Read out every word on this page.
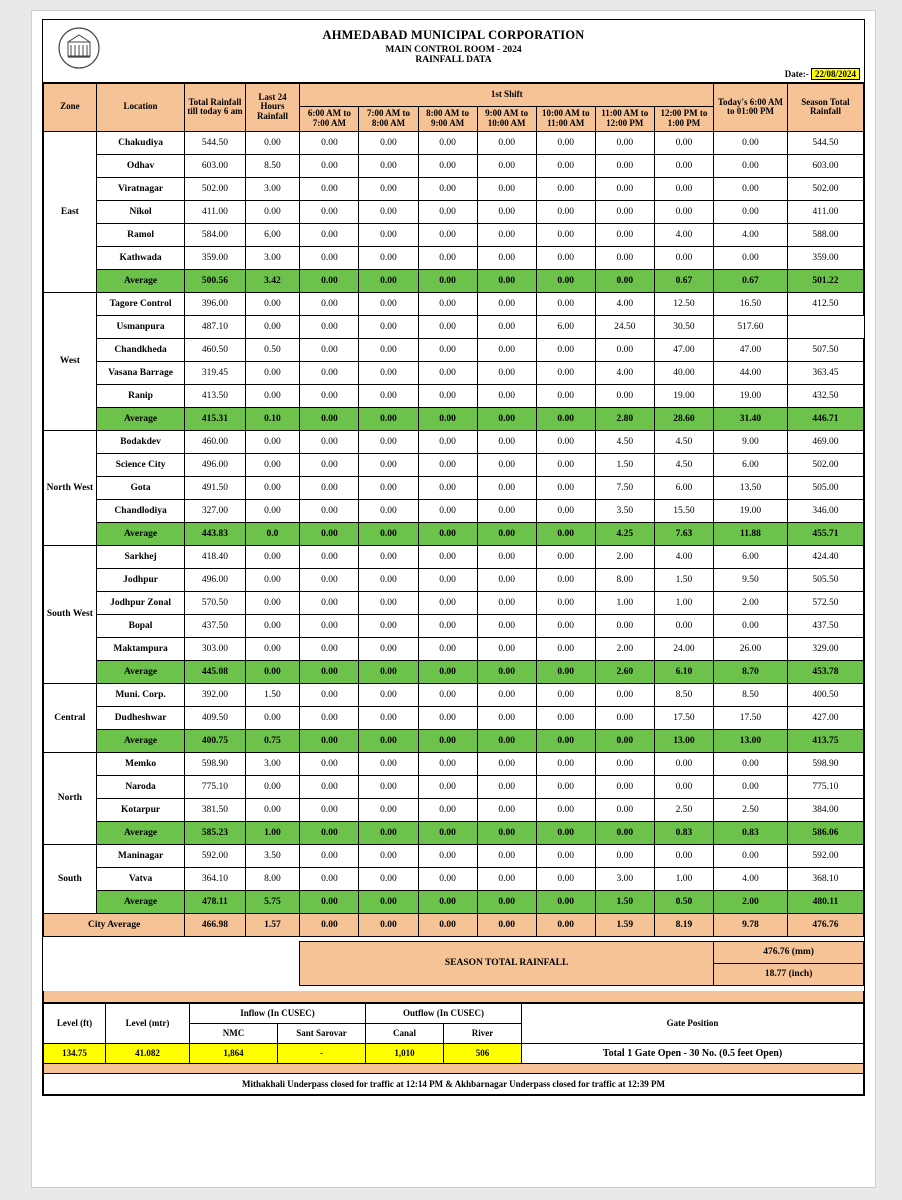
AHMEDABAD MUNICIPAL CORPORATION
MAIN CONTROL ROOM - 2024
RAINFALL DATA
Date:- 22/08/2024
Zone	Location	Total Rainfall till today 6 am	Last 24 Hours Rainfall	1st Shift							Today's 6:00 AM to 01:00 PM	Season Total Rainfall
				6:00 AM to 7:00 AM	7:00 AM to 8:00 AM	8:00 AM to 9:00 AM	9:00 AM to 10:00 AM	10:00 AM to 11:00 AM	11:00 AM to 12:00 PM	12:00 PM to 1:00 PM		
East	Chakudiya	544.50	0.00	0.00	0.00	0.00	0.00	0.00	0.00	0.00	0.00	544.50
	Odhav	603.00	8.50	0.00	0.00	0.00	0.00	0.00	0.00	0.00	0.00	603.00
	Viratnagar	502.00	3.00	0.00	0.00	0.00	0.00	0.00	0.00	0.00	0.00	502.00
	Nikol	411.00	0.00	0.00	0.00	0.00	0.00	0.00	0.00	0.00	0.00	411.00
	Ramol	584.00	6.00	0.00	0.00	0.00	0.00	0.00	0.00	4.00	4.00	588.00
	Kathwada	359.00	3.00	0.00	0.00	0.00	0.00	0.00	0.00	0.00	0.00	359.00
	Average	500.56	3.42	0.00	0.00	0.00	0.00	0.00	0.00	0.67	0.67	501.22
West	Tagore Control	396.00	0.00	0.00	0.00	0.00	0.00	0.00	4.00	12.50	16.50	412.50
	Usmanpura	487.10	0.00	0.00	0.00	0.00	0.00	6.00	24.50	30.50	517.60	
	Chandkheda	460.50	0.50	0.00	0.00	0.00	0.00	0.00	0.00	47.00	47.00	507.50
	Vasana Barrage	319.45	0.00	0.00	0.00	0.00	0.00	0.00	4.00	40.00	44.00	363.45
	Ranip	413.50	0.00	0.00	0.00	0.00	0.00	0.00	0.00	19.00	19.00	432.50
	Average	415.31	0.10	0.00	0.00	0.00	0.00	0.00	2.80	28.60	31.40	446.71
North West	Bodakdev	460.00	0.00	0.00	0.00	0.00	0.00	0.00	4.50	4.50	9.00	469.00
	Science City	496.00	0.00	0.00	0.00	0.00	0.00	0.00	1.50	4.50	6.00	502.00
	Gota	491.50	0.00	0.00	0.00	0.00	0.00	0.00	7.50	6.00	13.50	505.00
	Chandlodiya	327.00	0.00	0.00	0.00	0.00	0.00	0.00	3.50	15.50	19.00	346.00
	Average	443.83	0.0	0.00	0.00	0.00	0.00	0.00	4.25	7.63	11.88	455.71
South West	Sarkhej	418.40	0.00	0.00	0.00	0.00	0.00	0.00	2.00	4.00	6.00	424.40
	Jodhpur	496.00	0.00	0.00	0.00	0.00	0.00	0.00	8.00	1.50	9.50	505.50
	Jodhpur Zonal	570.50	0.00	0.00	0.00	0.00	0.00	0.00	1.00	1.00	2.00	572.50
	Bopal	437.50	0.00	0.00	0.00	0.00	0.00	0.00	0.00	0.00	0.00	437.50
	Maktampura	303.00	0.00	0.00	0.00	0.00	0.00	0.00	2.00	24.00	26.00	329.00
	Average	445.08	0.00	0.00	0.00	0.00	0.00	0.00	2.60	6.10	8.70	453.78
Central	Muni. Corp.	392.00	1.50	0.00	0.00	0.00	0.00	0.00	0.00	8.50	8.50	400.50
	Dudheshwar	409.50	0.00	0.00	0.00	0.00	0.00	0.00	0.00	17.50	17.50	427.00
	Average	400.75	0.75	0.00	0.00	0.00	0.00	0.00	0.00	13.00	13.00	413.75
North	Memko	598.90	3.00	0.00	0.00	0.00	0.00	0.00	0.00	0.00	0.00	598.90
	Naroda	775.10	0.00	0.00	0.00	0.00	0.00	0.00	0.00	0.00	0.00	775.10
	Kotarpur	381.50	0.00	0.00	0.00	0.00	0.00	0.00	0.00	2.50	2.50	384.00
	Average	585.23	1.00	0.00	0.00	0.00	0.00	0.00	0.00	0.83	0.83	586.06
South	Maninagar	592.00	3.50	0.00	0.00	0.00	0.00	0.00	0.00	0.00	0.00	592.00
	Vatva	364.10	8.00	0.00	0.00	0.00	0.00	0.00	3.00	1.00	4.00	368.10
	Average	478.11	5.75	0.00	0.00	0.00	0.00	0.00	1.50	0.50	2.00	480.11
City Average		466.98	1.57	0.00	0.00	0.00	0.00	0.00	1.59	8.19	9.78	476.76
SEASON TOTAL RAINFALL	476.76 (mm)
18.77 (inch)
Level (ft)	Level (mtr)	Inflow (In CUSEC)		Outflow (In CUSEC)		Gate Position
		NMC	Sant Sarovar	Canal	River	
134.75	41.082	1,864	-	1,010	506	Total 1 Gate Open - 30 No. (0.5 feet Open)
Mithakhali Underpass closed for traffic at 12:14 PM & Akhbarnagar Underpass closed for traffic at 12:39 PM
